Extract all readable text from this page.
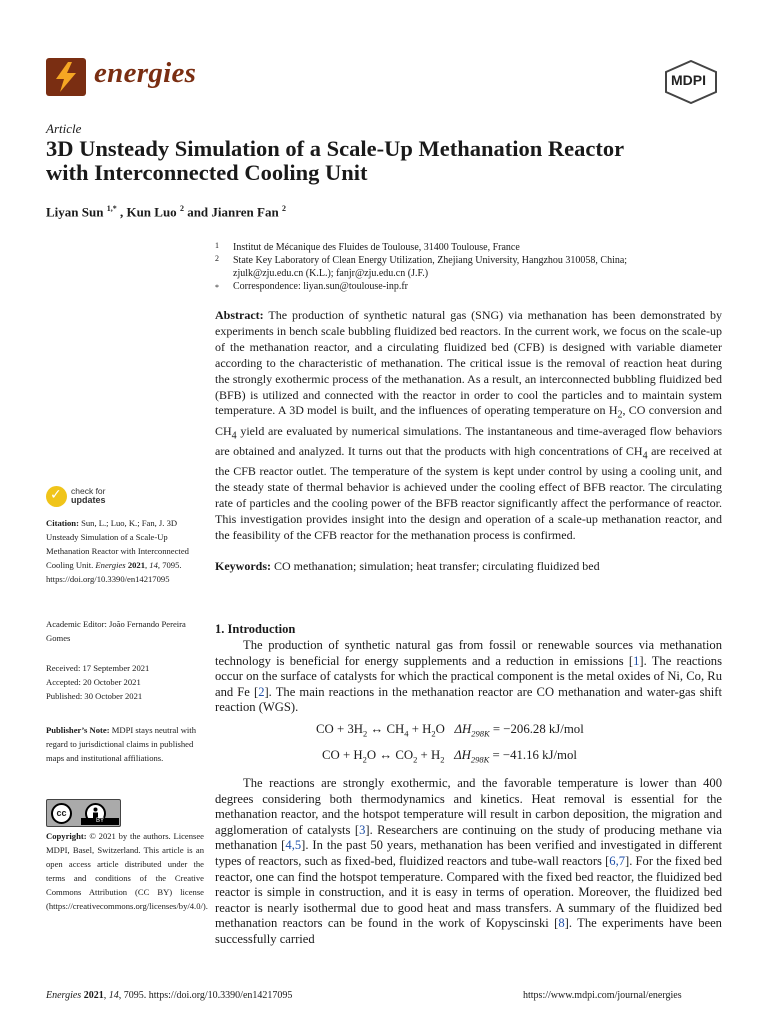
energies	MDPI
Article
3D Unsteady Simulation of a Scale-Up Methanation Reactor
with Interconnected Cooling Unit
Liyan Sun $^{1,*}$ , Kun Luo $^2$ and Jianren Fan $^2$
1 Institut de Mécanique des Fluides de Toulouse, 31400 Toulouse, France
2 State Key Laboratory of Clean Energy Utilization, Zhejiang University, Hangzhou 310058, China;
zjulk@zju.edu.cn (K.L.); fanjr@zju.edu.cn (J.F.)
* Correspondence: liyan.sun@toulouse-inp.fr
Abstract: The production of synthetic natural gas (SNG) via methanation has been demonstrated by experiments in bench scale bubbling fluidized bed reactors. In the current work, we focus on the scale-up of the methanation reactor, and a circulating fluidized bed (CFB) is designed with variable diameter according to the characteristic of methanation. The critical issue is the removal of reaction heat during the strongly exothermic process of the methanation. As a result, an interconnected bubbling fluidized bed (BFB) is utilized and connected with the reactor in order to cool the particles and to maintain system temperature. A 3D model is built, and the influences of operating temperature on $H_2$, CO conversion and $CH_4$ yield are evaluated by numerical simulations. The instantaneous and time-averaged flow behaviors are obtained and analyzed. It turns out that the products with high concentrations of $CH_4$ are received at the CFB reactor outlet. The temperature of the system is kept under control by using a cooling unit, and the steady state of thermal behavior is achieved under the cooling effect of BFB reactor. The circulating rate of particles and the cooling power of the BFB reactor significantly affect the performance of reactor. This investigation provides insight into the design and operation of a scale-up methanation reactor, and the feasibility of the CFB reactor for the methanation process is confirmed.
Keywords: CO methanation; simulation; heat transfer; circulating fluidized bed
✓ check for
updates
Citation: Sun, L.; Luo, K.; Fan, J. 3D Unsteady Simulation of a Scale-Up Methanation Reactor with Interconnected Cooling Unit. Energies 2021, 14, 7095. https://doi.org/10.3390/en14217095
Academic Editor: João Fernando Pereira Gomes
Received: 17 September 2021
Accepted: 20 October 2021
Published: 30 October 2021
Publisher’s Note: MDPI stays neutral with regard to jurisdictional claims in published maps and institutional affiliations.
cc
BY
Copyright: © 2021 by the authors. Licensee MDPI, Basel, Switzerland. This article is an open access article distributed under the terms and conditions of the Creative Commons Attribution (CC BY) license (https://creativecommons.org/licenses/by/4.0/).
1. Introduction
The production of synthetic natural gas from fossil or renewable sources via methanation technology is beneficial for energy supplements and a reduction in emissions [1]. The reactions occur on the surface of catalysts for which the practical component is the metal oxides of Ni, Co, Ru and Fe [2]. The main reactions in the methanation reactor are CO methanation and water-gas shift reaction (WGS).
CO + $3H_2$ ↔ $CH_4 + H_2O$ $\Delta H_{298K} = -206.28$ kJ/mol
CO + $H_2O$ ↔ $CO_2 + H_2$ $\Delta H_{298K} = -41.16$ kJ/mol
The reactions are strongly exothermic, and the favorable temperature is lower than 400 degrees considering both thermodynamics and kinetics. Heat removal is essential for the methanation reactor, and the hotspot temperature will result in carbon deposition, the migration and agglomeration of catalysts [3]. Researchers are continuing on the study of producing methane via methanation [4,5]. In the past 50 years, methanation has been verified and investigated in different types of reactors, such as fixed-bed, fluidized reactors and tube-wall reactors [6,7]. For the fixed bed reactor, one can find the hotspot temperature. Compared with the fixed bed reactor, the fluidized bed reactor is simple in construction, and it is easy in terms of operation. Moreover, the fluidized bed reactor is nearly isothermal due to good heat and mass transfers. A summary of the fluidized bed methanation reactors can be found in the work of Kopyscinski [8]. The experiments have been successfully carried
Energies 2021, 14, 7095. https://doi.org/10.3390/en14217095	https://www.mdpi.com/journal/energies
